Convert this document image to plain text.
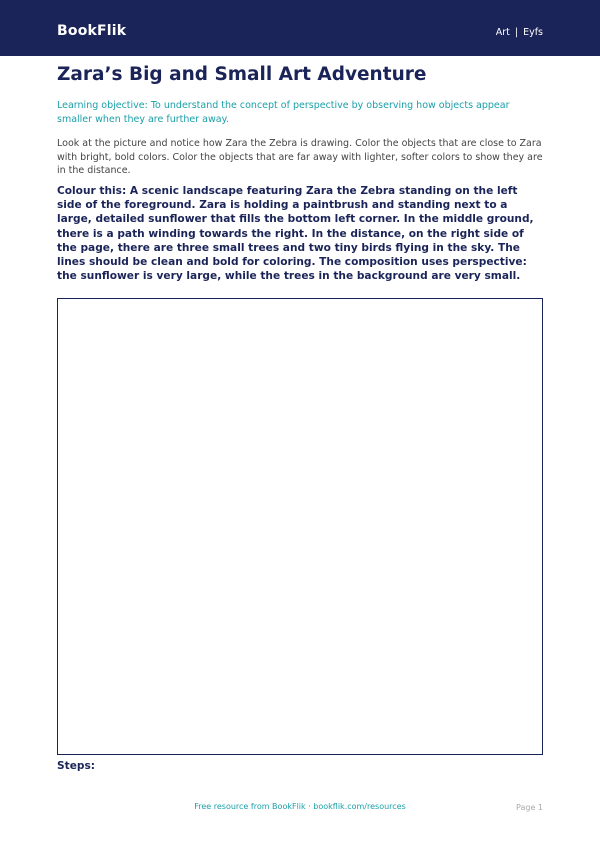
BookFlik	Art | Eyfs
Zara’s Big and Small Art Adventure

Learning objective: To understand the concept of perspective by observing how objects appear smaller when they are further away.

Look at the picture and notice how Zara the Zebra is drawing. Color the objects that are close to Zara with bright, bold colors. Color the objects that are far away with lighter, softer colors to show they are in the distance.

Colour this: A scenic landscape featuring Zara the Zebra standing on the left side of the foreground. Zara is holding a paintbrush and standing next to a large, detailed sunflower that fills the bottom left corner. In the middle ground, there is a path winding towards the right. In the distance, on the right side of the page, there are three small trees and two tiny birds flying in the sky. The lines should be clean and bold for coloring. The composition uses perspective: the sunflower is very large, while the trees in the background are very small.

Steps:

Free resource from BookFlik · bookflik.com/resources	Page 1
